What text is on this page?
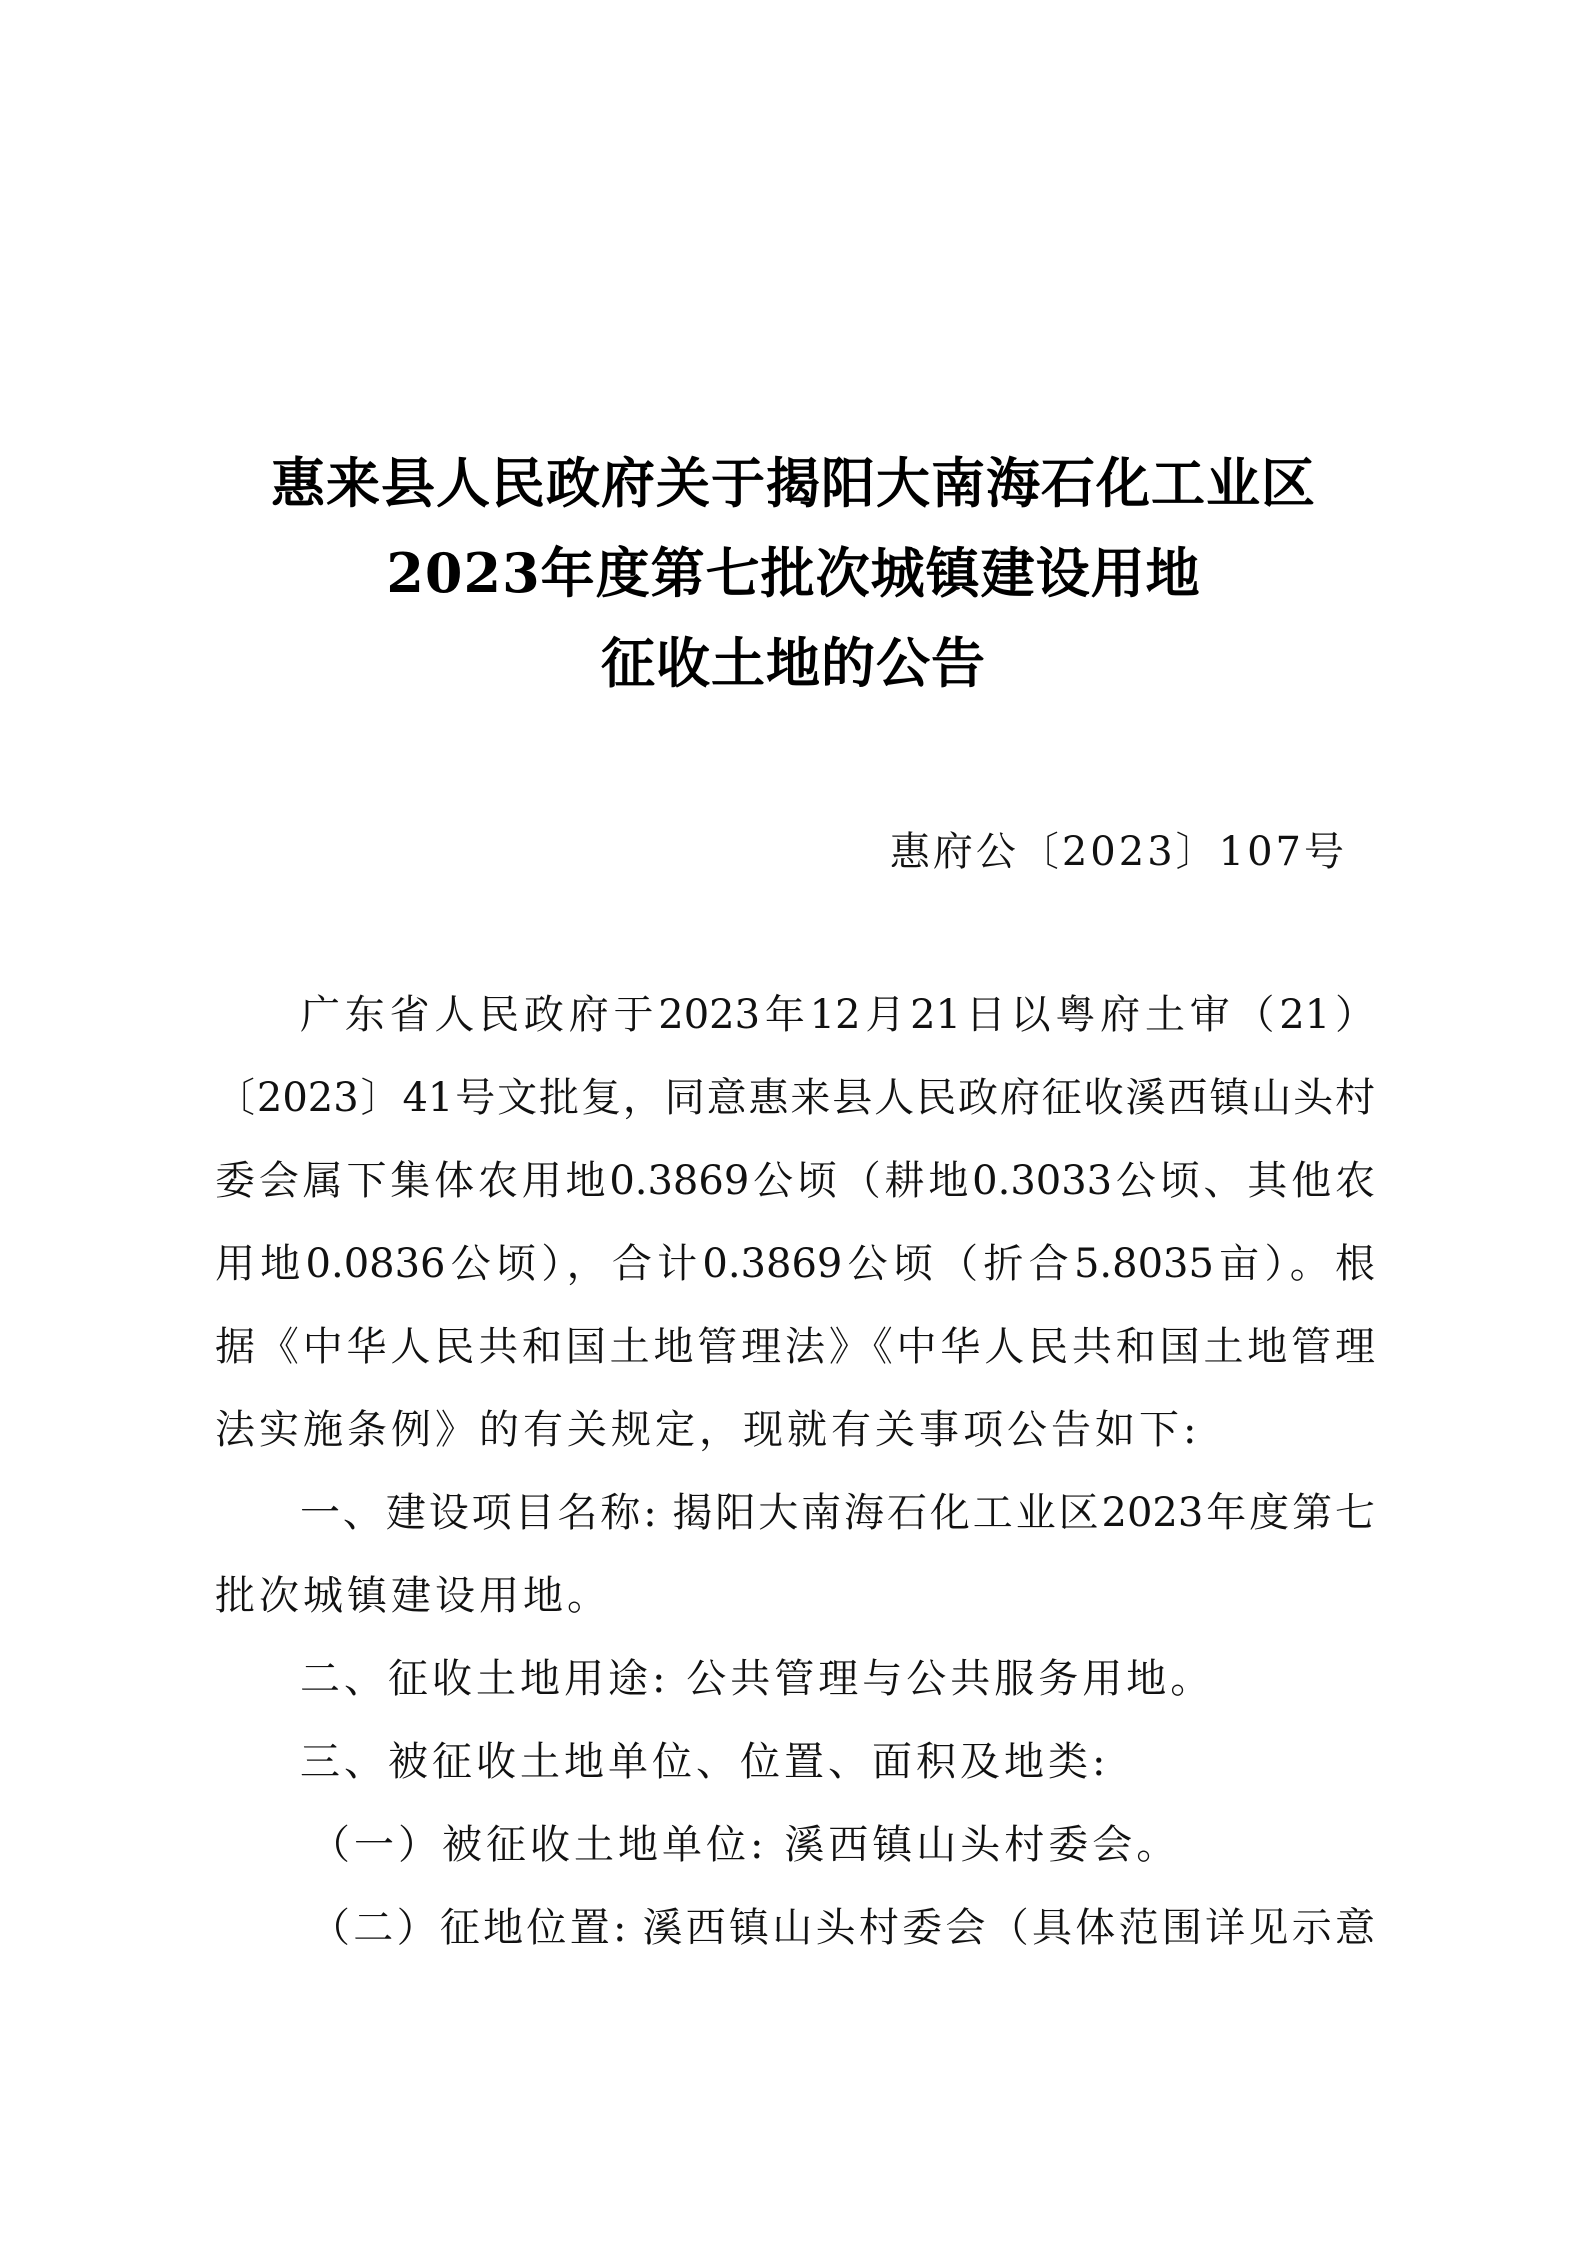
惠来县人民政府关于揭阳大南海石化工业区
2023年度第七批次城镇建设用地
征收土地的公告
惠府公〔2023〕107号
广东省人民政府于2023年12月21日以粤府土审（21）
〔2023〕41号文批复，同意惠来县人民政府征收溪西镇山头村
委会属下集体农用地0.3869公顷（耕地0.3033公顷、其他农
用地0.0836公顷），合计0.3869公顷（折合5.8035亩）。根
据《中华人民共和国土地管理法》《中华人民共和国土地管理
法实施条例》的有关规定，现就有关事项公告如下:
一、建设项目名称: 揭阳大南海石化工业区2023年度第七
批次城镇建设用地。
二、征收土地用途: 公共管理与公共服务用地。
三、被征收土地单位、位置、面积及地类:
（一）被征收土地单位: 溪西镇山头村委会。
（二）征地位置: 溪西镇山头村委会（具体范围详见示意
